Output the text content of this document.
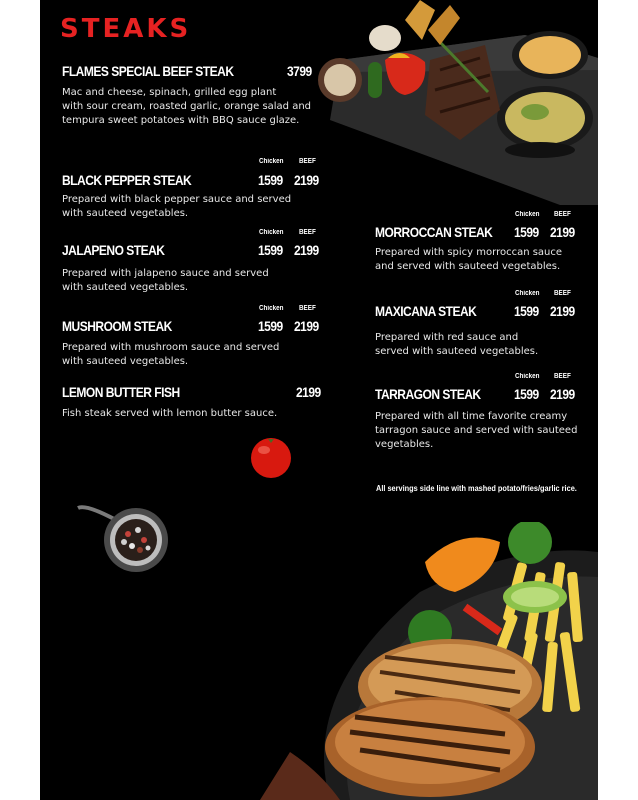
STEAKS
FLAMES SPECIAL BEEF STEAK	3799
Mac and cheese, spinach, grilled egg plant
with sour cream, roasted garlic, orange salad and
tempura sweet potatoes with BBQ sauce glaze.
Chicken BEEF
BLACK PEPPER STEAK	1599 2199
Prepared with black pepper sauce and served
with sauteed vegetables.
Chicken BEEF
JALAPENO STEAK	1599 2199
Prepared with jalapeno sauce and served
with sauteed vegetables.
Chicken BEEF
MUSHROOM STEAK	1599 2199
Prepared with mushroom sauce and served
with sauteed vegetables.
LEMON BUTTER FISH	2199
Fish steak served with lemon butter sauce.
Chicken BEEF
MORROCCAN STEAK 1599 2199
Prepared with spicy morroccan sauce
and served with sauteed vegetables.
Chicken BEEF
MAXICANA STEAK	1599 2199
Prepared with red sauce and
served with sauteed vegetables.
Chicken BEEF
TARRAGON STEAK 1599 2199
Prepared with all time favorite creamy
tarragon sauce and served with sauteed
vegetables.
All servings side line with mashed potato/fries/garlic rice.
